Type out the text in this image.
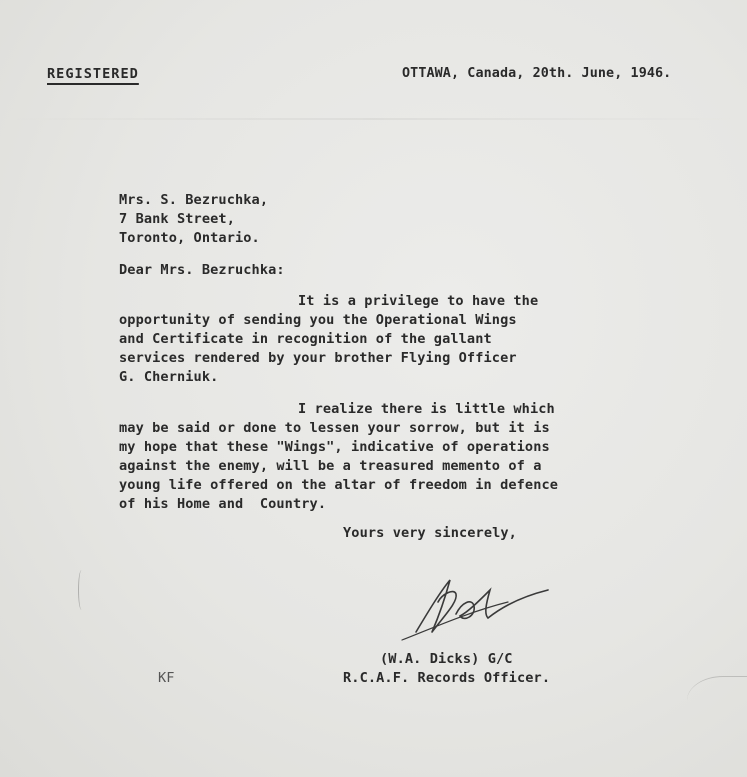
REGISTERED	OTTAWA, Canada, 20th. June, 1946.
Mrs. S. Bezruchka,
7 Bank Street,
Toronto, Ontario.
Dear Mrs. Bezruchka:
It is a privilege to have the
opportunity of sending you the Operational Wings
and Certificate in recognition of the gallant
services rendered by your brother Flying Officer
G. Cherniuk.
I realize there is little which
may be said or done to lessen your sorrow, but it is
my hope that these "Wings", indicative of operations
against the enemy, will be a treasured memento of a
young life offered on the altar of freedom in defence
of his Home and  Country.
Yours very sincerely,
(W.A. Dicks) G/C
R.C.A.F. Records Officer.
KF
